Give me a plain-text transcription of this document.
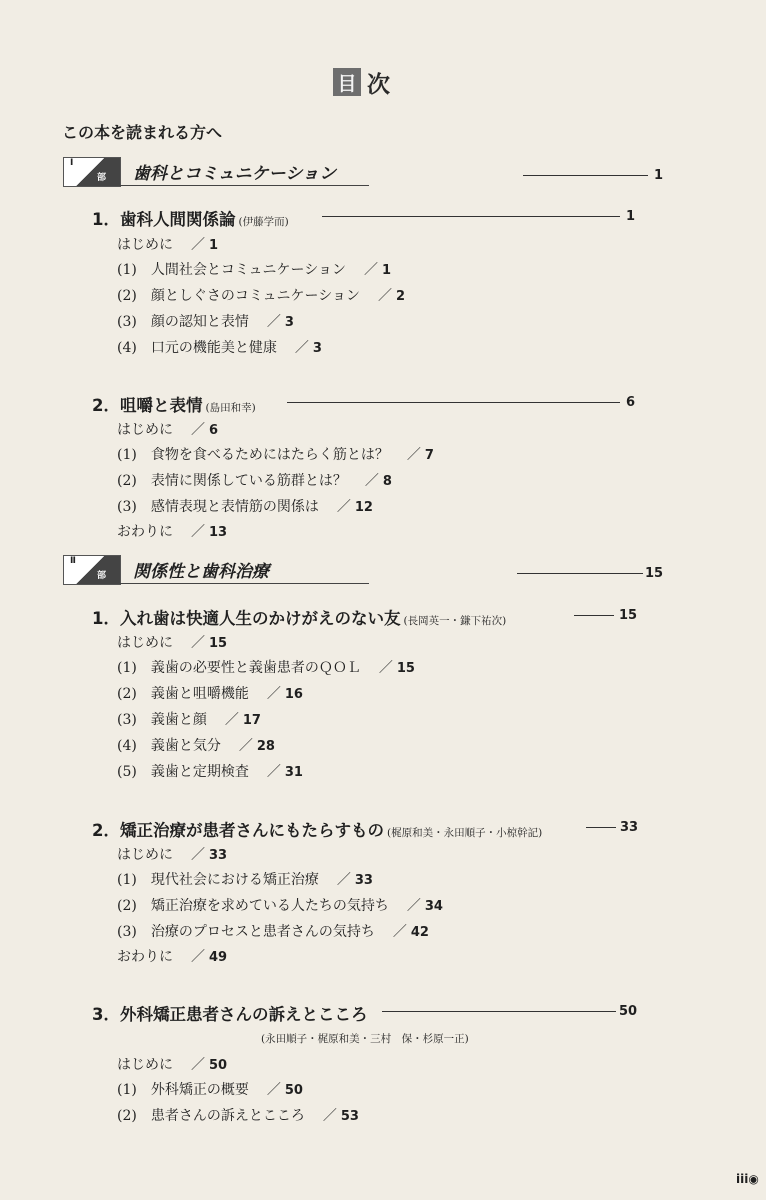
目 次
この本を読まれる方へ
Ⅰ
部 歯科とコミュニケーション	1
1．歯科人間関係論 (伊藤学而)	1
はじめに ／ 1
(1)　人間社会とコミュニケーション ／ 1
(2)　顔としぐさのコミュニケーション ／ 2
(3)　顔の認知と表情 ／ 3
(4)　口元の機能美と健康 ／ 3
2．咀嚼と表情 (島田和幸)	6
はじめに ／ 6
(1)　食物を食べるためにはたらく筋とは？ ／ 7
(2)　表情に関係している筋群とは？ ／ 8
(3)　感情表現と表情筋の関係は ／ 12
おわりに ／ 13
Ⅱ
部 関係性と歯科治療	15
1．入れ歯は快適人生のかけがえのない友 (長岡英一・鎌下祐次)	15
はじめに ／ 15
(1)　義歯の必要性と義歯患者のＱＯＬ ／ 15
(2)　義歯と咀嚼機能 ／ 16
(3)　義歯と顔 ／ 17
(4)　義歯と気分 ／ 28
(5)　義歯と定期検査 ／ 31
2．矯正治療が患者さんにもたらすもの (梶原和美・永田順子・小椋幹記)	33
はじめに ／ 33
(1)　現代社会における矯正治療 ／ 33
(2)　矯正治療を求めている人たちの気持ち ／ 34
(3)　治療のプロセスと患者さんの気持ち ／ 42
おわりに ／ 49
3．外科矯正患者さんの訴えとこころ	50
(永田順子・梶原和美・三村　保・杉原一正)
はじめに ／ 50
(1)　外科矯正の概要 ／ 50
(2)　患者さんの訴えとこころ ／ 53
iii◉
